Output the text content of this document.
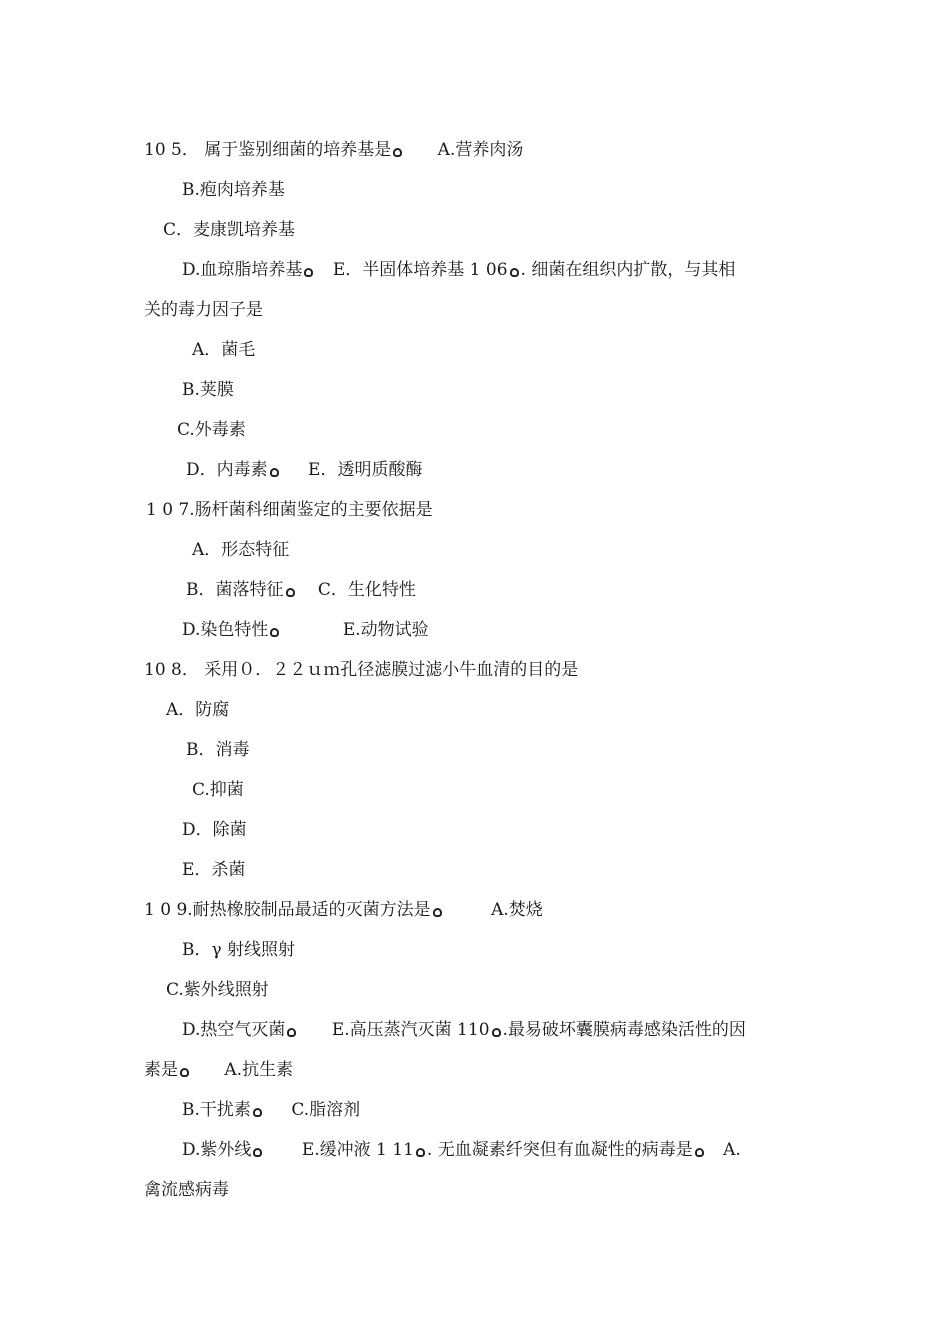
10 5． 属于鉴别细菌的培养基是	A.营养肉汤
B.疱肉培养基
C．麦康凯培养基
D.血琼脂培养基 E．半固体培养基 1 06 . 细菌在组织内扩散，与其相
关的毒力因子是
A．菌毛
B.荚膜
C.外毒素
D．内毒素 E．透明质酸酶
1 0 7.肠杆菌科细菌鉴定的主要依据是
A．形态特征
B．菌落特征 C．生化特性
D.染色特性	E.动物试验
10 8． 采用０．２２ｕｍ孔径滤膜过滤小牛血清的目的是
A．防腐
B．消毒
C.抑菌
D．除菌
E．杀菌
1 0 9.耐热橡胶制品最适的灭菌方法是	A.焚烧
B．γ 射线照射
C.紫外线照射
D.热空气灭菌	E.高压蒸汽灭菌 110 .最易破坏囊膜病毒感染活性的因
素是	A.抗生素
B.干扰素 C.脂溶剂
D.紫外线	E.缓冲液 1 11 . 无血凝素纤突但有血凝性的病毒是 A.
禽流感病毒
